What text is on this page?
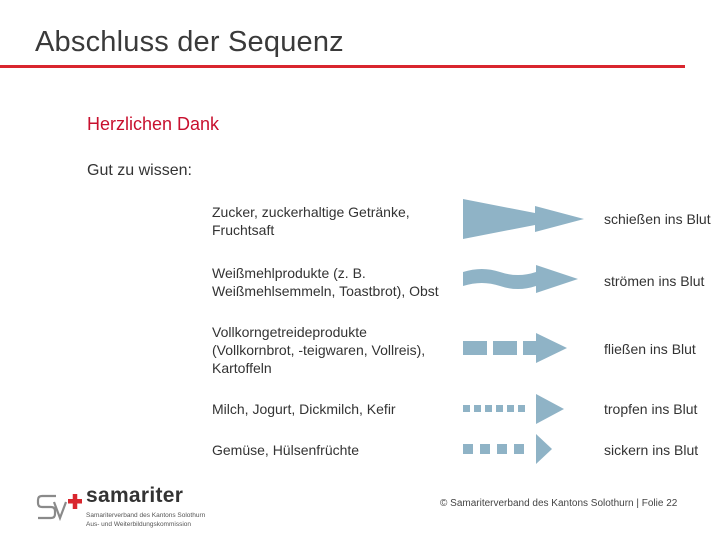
Abschluss der Sequenz
Herzlichen Dank
Gut zu wissen:
Zucker, zuckerhaltige Getränke,
Fruchtsaft
schießen ins Blut
Weißmehlprodukte (z. B.
Weißmehlsemmeln, Toastbrot), Obst
strömen ins Blut
Vollkorngetreideprodukte
(Vollkornbrot, -teigwaren, Vollreis),
Kartoffeln
fließen ins Blut
Milch, Jogurt, Dickmilch, Kefir	tropfen ins Blut
Gemüse, Hülsenfrüchte	sickern ins Blut
samariter
Samariterverband des Kantons Solothurn
Aus- und Weiterbildungskommission
© Samariterverband des Kantons Solothurn | Folie 22
